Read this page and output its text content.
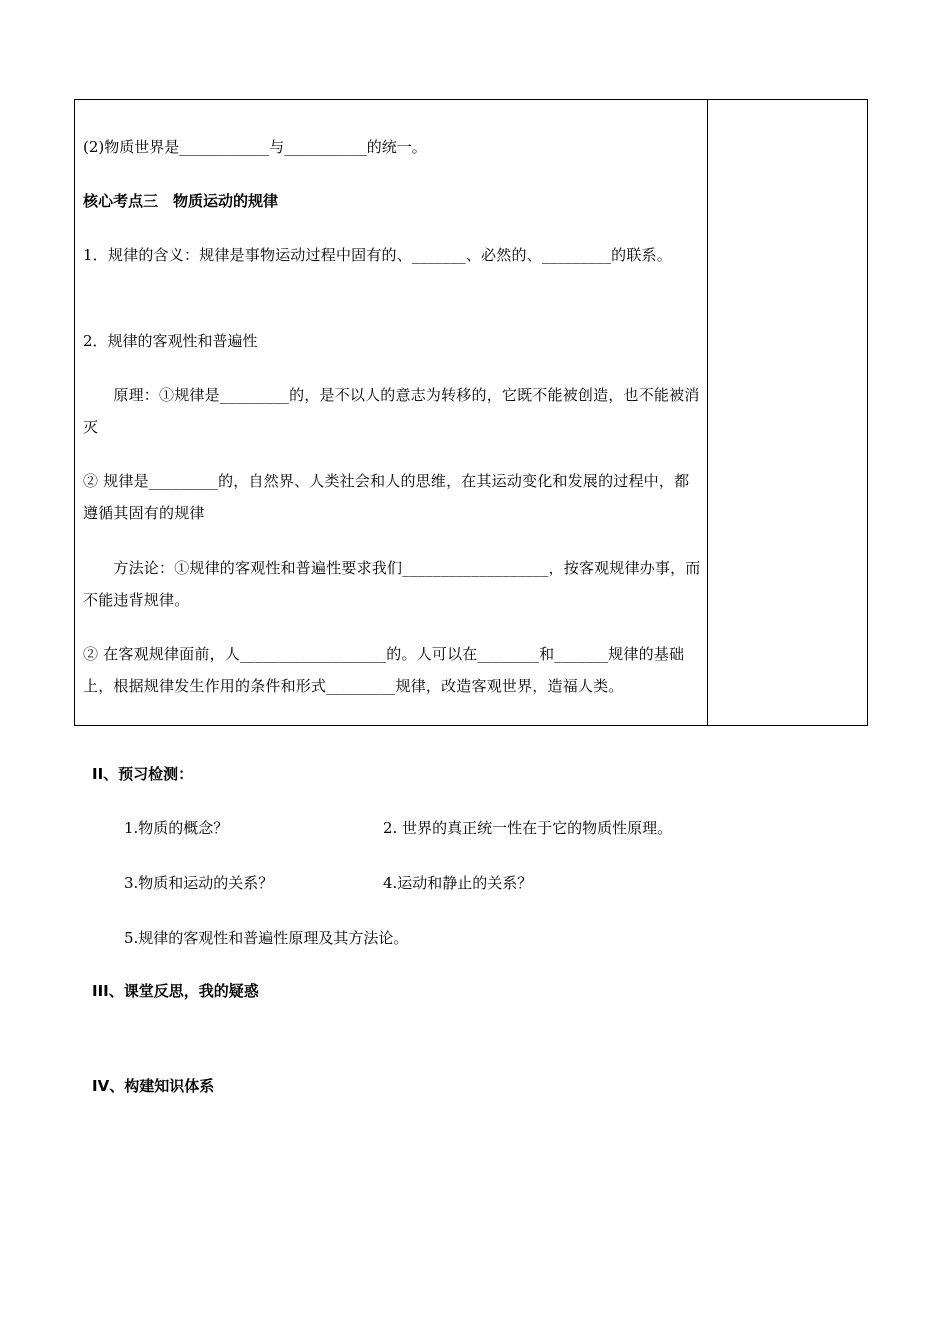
(2)物质世界是____________与___________的统一。
核心考点三　物质运动的规律
1．规律的含义：规律是事物运动过程中固有的、_______、必然的、_________的联系。
2．规律的客观性和普遍性
　　原理：①规律是_________的，是不以人的意志为转移的，它既不能被创造，也不能被消灭
② 规律是_________的，自然界、人类社会和人的思维，在其运动变化和发展的过程中，都遵循其固有的规律
　　方法论：①规律的客观性和普遍性要求我们___________________，按客观规律办事，而不能违背规律。
② 在客观规律面前，人___________________的。人可以在________和_______规律的基础上，根据规律发生作用的条件和形式_________规律，改造客观世界，造福人类。
II、预习检测：
1.物质的概念？	2. 世界的真正统一性在于它的物质性原理。
3.物质和运动的关系？	4.运动和静止的关系？
5.规律的客观性和普遍性原理及其方法论。
III、课堂反思，我的疑惑
IV、构建知识体系
